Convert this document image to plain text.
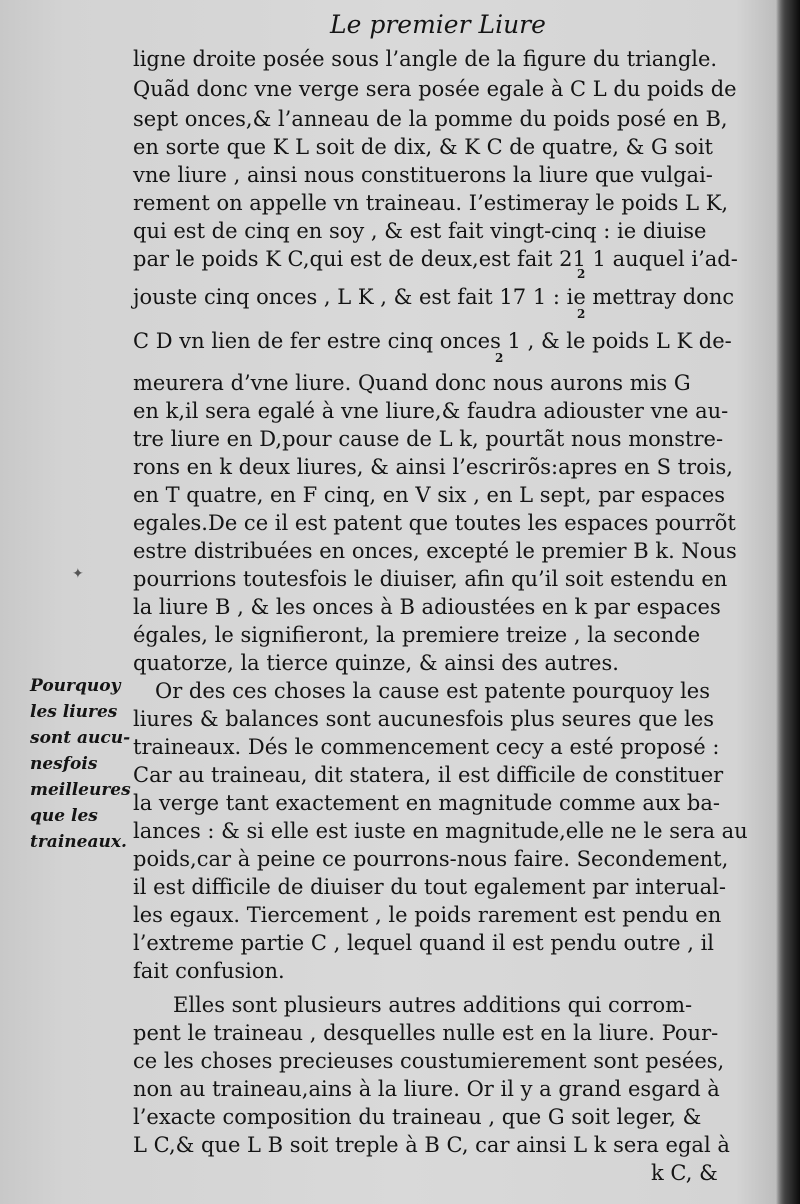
Le premier Liure
ligne droite posée sous l’angle de la figure du triangle.
Quãd donc vne verge sera posée egale à C L du poids de
sept onces,& l’anneau de la pomme du poids posé en B,
en sorte que K L soit de dix, & K C de quatre, & G soit
vne liure , ainsi nous constituerons la liure que vulgai-
rement on appelle vn traineau. I’estimeray le poids L K,
qui est de cinq en soy , & est fait vingt-cinq : ie diuise
par le poids K C,qui est de deux,est fait 21 1 auquel i’ad-
jouste cinq onces , L K , & est fait 17 1 : ie mettray donc
C D vn lien de fer estre cinq onces 1 , & le poids L K de-
meurera d’vne liure. Quand donc nous aurons mis G
en k,il sera egalé à vne liure,& faudra adiouster vne au-
tre liure en D,pour cause de L k, pourtãt nous monstre-
rons en k deux liures, & ainsi l’escrirõs:apres en S trois,
en T quatre, en F cinq, en V six , en L sept, par espaces
egales.De ce il est patent que toutes les espaces pourrõt
estre distribuées en onces, excepté le premier B k. Nous
pourrions toutesfois le diuiser, afin qu’il soit estendu en
la liure B , & les onces à B adioustées en k par espaces
égales, le signifieront, la premiere treize , la seconde
quatorze, la tierce quinze, & ainsi des autres.
Or des ces choses la cause est patente pourquoy les
liures & balances sont aucunesfois plus seures que les
traineaux. Dés le commencement cecy a esté proposé :
Car au traineau, dit statera, il est difficile de constituer
la verge tant exactement en magnitude comme aux ba-
lances : & si elle est iuste en magnitude,elle ne le sera au
poids,car à peine ce pourrons-nous faire. Secondement,
il est difficile de diuiser du tout egalement par interual-
les egaux. Tiercement , le poids rarement est pendu en
l’extreme partie C , lequel quand il est pendu outre , il
fait confusion.
Elles sont plusieurs autres additions qui corrom-
pent le traineau , desquelles nulle est en la liure. Pour-
ce les choses precieuses coustumierement sont pesées,
non au traineau,ains à la liure. Or il y a grand esgard à
l’exacte composition du traineau , que G soit leger, &
L C,& que L B soit treple à B C, car ainsi L k sera egal à
k C, &
2
2
2
Pourquoy
les liures
sont aucu-
nesfois
meilleures
que les
traineaux.
✦
